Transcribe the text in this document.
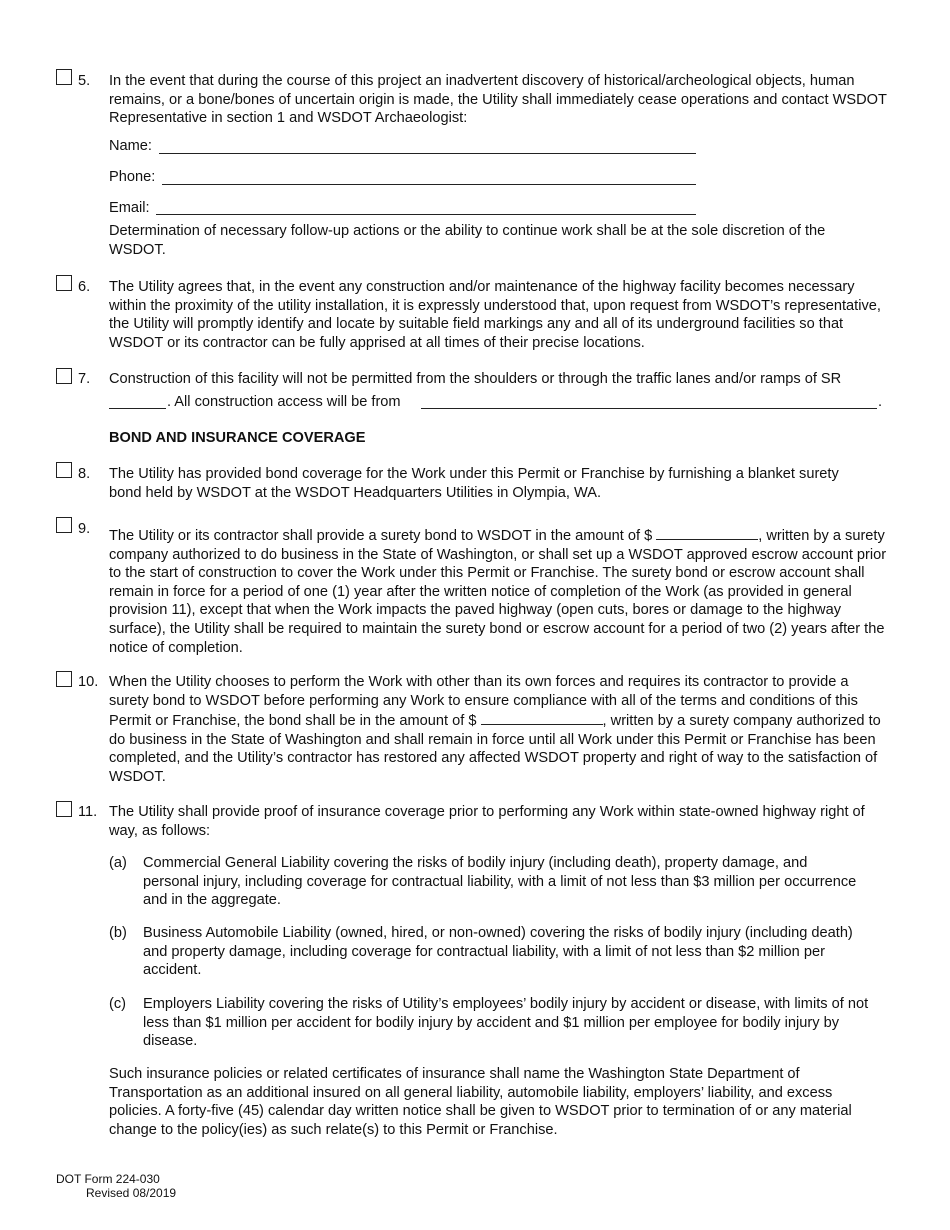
5. In the event that during the course of this project an inadvertent discovery of historical/archeological objects, human remains, or a bone/bones of uncertain origin is made, the Utility shall immediately cease operations and contact WSDOT Representative in section 1 and WSDOT Archaeologist:
Name:
Phone:
Email:
Determination of necessary follow-up actions or the ability to continue work shall be at the sole discretion of the WSDOT.
6. The Utility agrees that, in the event any construction and/or maintenance of the highway facility becomes necessary within the proximity of the utility installation, it is expressly understood that, upon request from WSDOT’s representative, the Utility will promptly identify and locate by suitable field markings any and all of its underground facilities so that WSDOT or its contractor can be fully apprised at all times of their precise locations.
7. Construction of this facility will not be permitted from the shoulders or through the traffic lanes and/or ramps of SR
. All construction access will be from	.
BOND AND INSURANCE COVERAGE
8. The Utility has provided bond coverage for the Work under this Permit or Franchise by furnishing a blanket surety bond held by WSDOT at the WSDOT Headquarters Utilities in Olympia, WA.
9. The Utility or its contractor shall provide a surety bond to WSDOT in the amount of $	, written by a surety company authorized to do business in the State of Washington, or shall set up a WSDOT approved escrow account prior to the start of construction to cover the Work under this Permit or Franchise. The surety bond or escrow account shall remain in force for a period of one (1) year after the written notice of completion of the Work (as provided in general provision 11), except that when the Work impacts the paved highway (open cuts, bores or damage to the highway surface), the Utility shall be required to maintain the surety bond or escrow account for a period of two (2) years after the notice of completion.
10. When the Utility chooses to perform the Work with other than its own forces and requires its contractor to provide a surety bond to WSDOT before performing any Work to ensure compliance with all of the terms and conditions of this Permit or Franchise, the bond shall be in the amount of $	, written by a surety company authorized to do business in the State of Washington and shall remain in force until all Work under this Permit or Franchise has been completed, and the Utility’s contractor has restored any affected WSDOT property and right of way to the satisfaction of WSDOT.
11. The Utility shall provide proof of insurance coverage prior to performing any Work within state-owned highway right of way, as follows:
(a) Commercial General Liability covering the risks of bodily injury (including death), property damage, and personal injury, including coverage for contractual liability, with a limit of not less than $3 million per occurrence and in the aggregate.
(b) Business Automobile Liability (owned, hired, or non-owned) covering the risks of bodily injury (including death) and property damage, including coverage for contractual liability, with a limit of not less than $2 million per accident.
(c) Employers Liability covering the risks of Utility’s employees’ bodily injury by accident or disease, with limits of not less than $1 million per accident for bodily injury by accident and $1 million per employee for bodily injury by disease.
Such insurance policies or related certificates of insurance shall name the Washington State Department of Transportation as an additional insured on all general liability, automobile liability, employers’ liability, and excess policies. A forty-five (45) calendar day written notice shall be given to WSDOT prior to termination of or any material change to the policy(ies) as such relate(s) to this Permit or Franchise.
DOT Form 224-030
Revised 08/2019
